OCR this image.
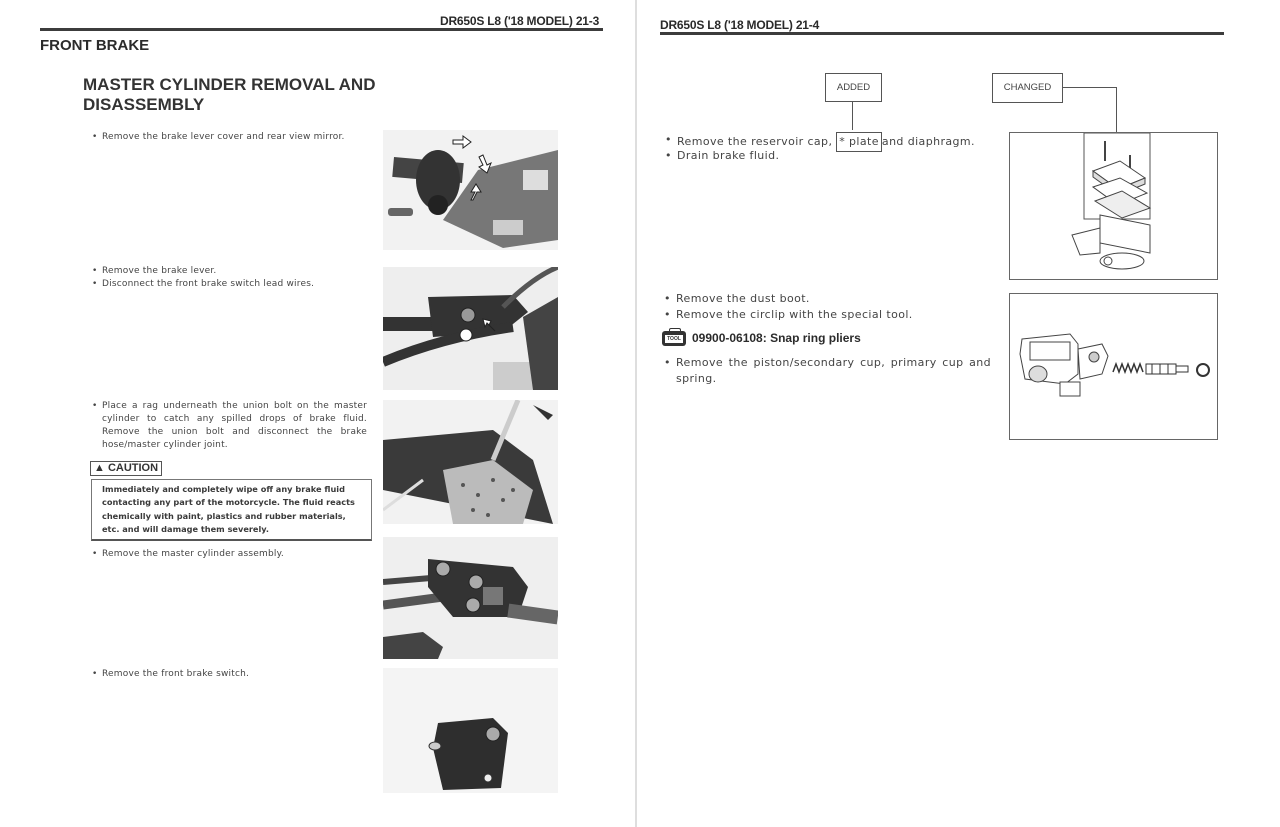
DR650S L8 ('18 MODEL) 21-3
FRONT BRAKE
MASTER CYLINDER REMOVAL AND
DISASSEMBLY
• Remove the brake lever cover and rear view mirror.
• Remove the brake lever.
• Disconnect the front brake switch lead wires.
• Place a rag underneath the union bolt on the master cylinder to catch any spilled drops of brake fluid. Remove the union bolt and disconnect the brake hose/master cylinder joint.
▲ CAUTION
Immediately and completely wipe off any brake fluid contacting any part of the motorcycle. The fluid reacts chemically with paint, plastics and rubber materials, etc. and will damage them severely.
• Remove the master cylinder assembly.
• Remove the front brake switch.
DR650S L8 ('18 MODEL) 21-4
ADDED	CHANGED
• Remove the reservoir cap, * plate and diaphragm.
• Drain brake fluid.
• Remove the dust boot.
• Remove the circlip with the special tool.
TOOL 09900-06108: Snap ring pliers
• Remove the piston/secondary cup, primary cup and spring.
